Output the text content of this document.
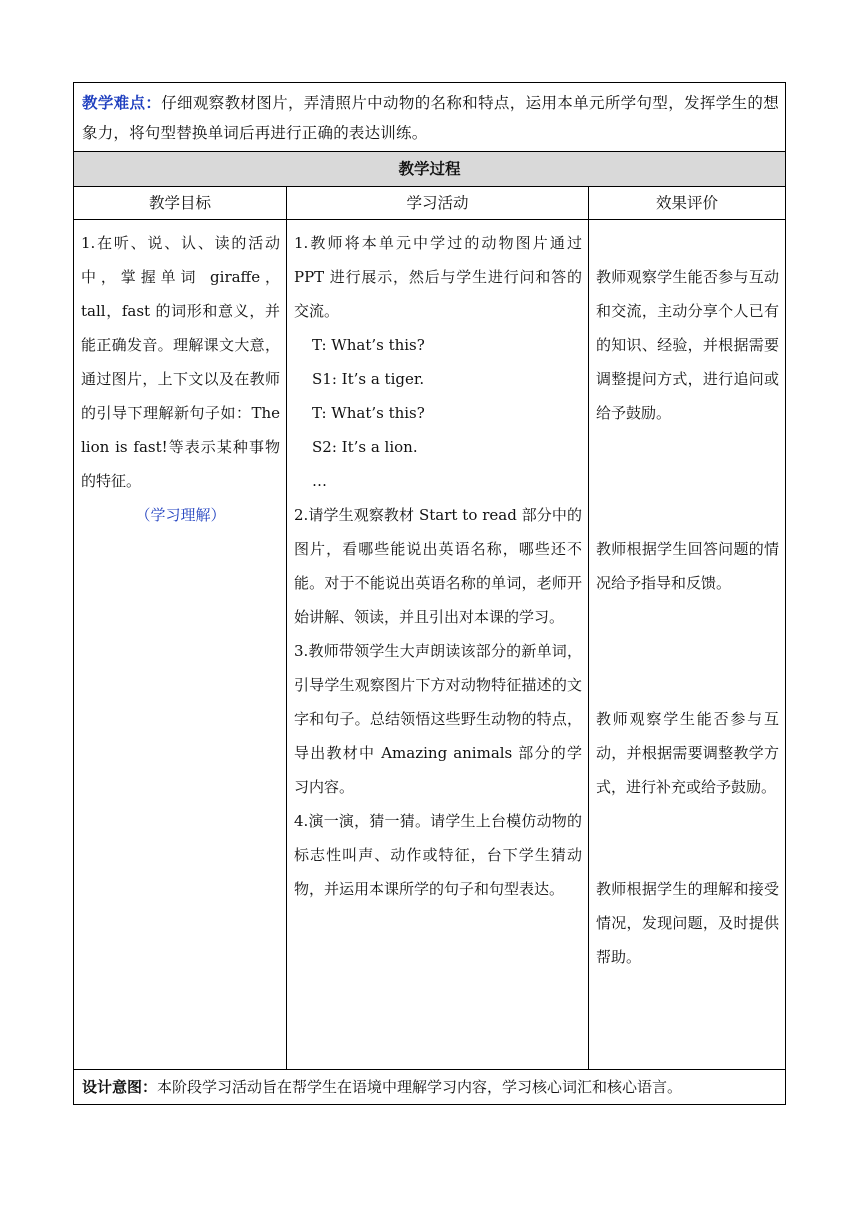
教学难点：仔细观察教材图片，弄清照片中动物的名称和特点，运用本单元所学句型，发挥学生的想象力，将句型替换单词后再进行正确的表达训练。
教学过程
教学目标	学习活动	效果评价

1.在听、说、认、读的活动中，掌握单词 giraffe，tall，fast 的词形和意义，并能正确发音。理解课文大意，通过图片，上下文以及在教师的引导下理解新句子如：The lion is fast!等表示某种事物的特征。

（学习理解）

1.教师将本单元中学过的动物图片通过 PPT 进行展示，然后与学生进行问和答的交流。

T: What’s this?

S1: It’s a tiger.

T: What’s this?

S2: It’s a lion.

…

2.请学生观察教材 Start to read 部分中的图片，看哪些能说出英语名称，哪些还不能。对于不能说出英语名称的单词，老师开始讲解、领读，并且引出对本课的学习。

3.教师带领学生大声朗读该部分的新单词，引导学生观察图片下方对动物特征描述的文字和句子。总结领悟这些野生动物的特点，导出教材中 Amazing animals 部分的学习内容。

4.演一演，猜一猜。请学生上台模仿动物的标志性叫声、动作或特征，台下学生猜动物，并运用本课所学的句子和句型表达。

教师观察学生能否参与互动和交流，主动分享个人已有的知识、经验，并根据需要调整提问方式，进行追问或给予鼓励。

教师根据学生回答问题的情况给予指导和反馈。

教师观察学生能否参与互动，并根据需要调整教学方式，进行补充或给予鼓励。

教师根据学生的理解和接受情况，发现问题，及时提供帮助。

设计意图：本阶段学习活动旨在帮学生在语境中理解学习内容，学习核心词汇和核心语言。
